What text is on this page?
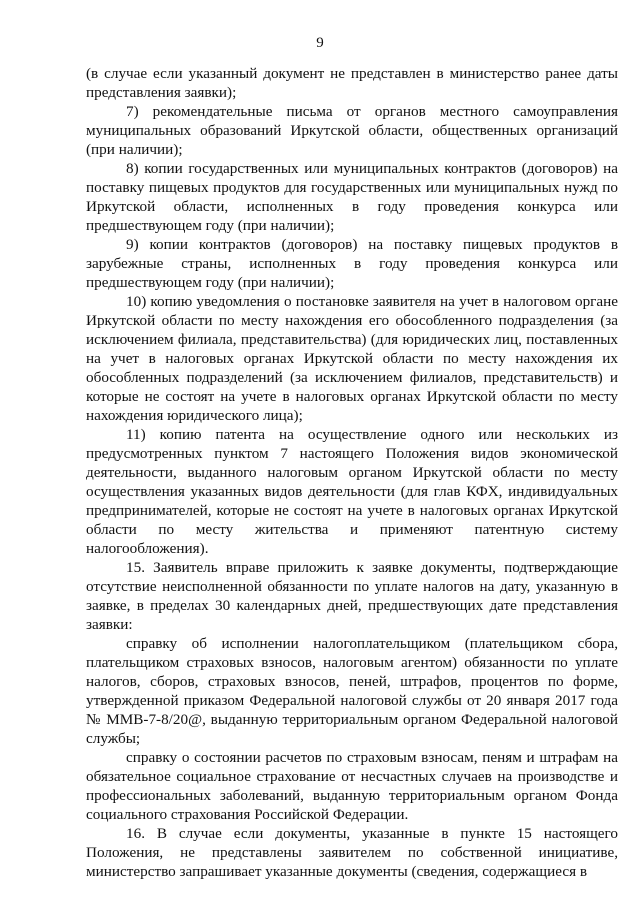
9

(в случае если указанный документ не представлен в министерство ранее даты представления заявки);

7) рекомендательные письма от органов местного самоуправления муниципальных образований Иркутской области, общественных организаций (при наличии);

8) копии государственных или муниципальных контрактов (договоров) на поставку пищевых продуктов для государственных или муниципальных нужд по Иркутской области, исполненных в году проведения конкурса или предшествующем году (при наличии);

9) копии контрактов (договоров) на поставку пищевых продуктов в зарубежные страны, исполненных в году проведения конкурса или предшествующем году (при наличии);

10) копию уведомления о постановке заявителя на учет в налоговом органе Иркутской области по месту нахождения его обособленного подразделения (за исключением филиала, представительства) (для юридических лиц, поставленных на учет в налоговых органах Иркутской области по месту нахождения их обособленных подразделений (за исключением филиалов, представительств) и которые не состоят на учете в налоговых органах Иркутской области по месту нахождения юридического лица);

11) копию патента на осуществление одного или нескольких из предусмотренных пунктом 7 настоящего Положения видов экономической деятельности, выданного налоговым органом Иркутской области по месту осуществления указанных видов деятельности (для глав КФХ, индивидуальных предпринимателей, которые не состоят на учете в налоговых органах Иркутской области по месту жительства и применяют патентную систему налогообложения).

15. Заявитель вправе приложить к заявке документы, подтверждающие отсутствие неисполненной обязанности по уплате налогов на дату, указанную в заявке, в пределах 30 календарных дней, предшествующих дате представления заявки:

справку об исполнении налогоплательщиком (плательщиком сбора, плательщиком страховых взносов, налоговым агентом) обязанности по уплате налогов, сборов, страховых взносов, пеней, штрафов, процентов по форме, утвержденной приказом Федеральной налоговой службы от 20 января 2017 года № ММВ-7-8/20@, выданную территориальным органом Федеральной налоговой службы;

справку о состоянии расчетов по страховым взносам, пеням и штрафам на обязательное социальное страхование от несчастных случаев на производстве и профессиональных заболеваний, выданную территориальным органом Фонда социального страхования Российской Федерации.

16. В случае если документы, указанные в пункте 15 настоящего Положения, не представлены заявителем по собственной инициативе, министерство запрашивает указанные документы (сведения, содержащиеся в
